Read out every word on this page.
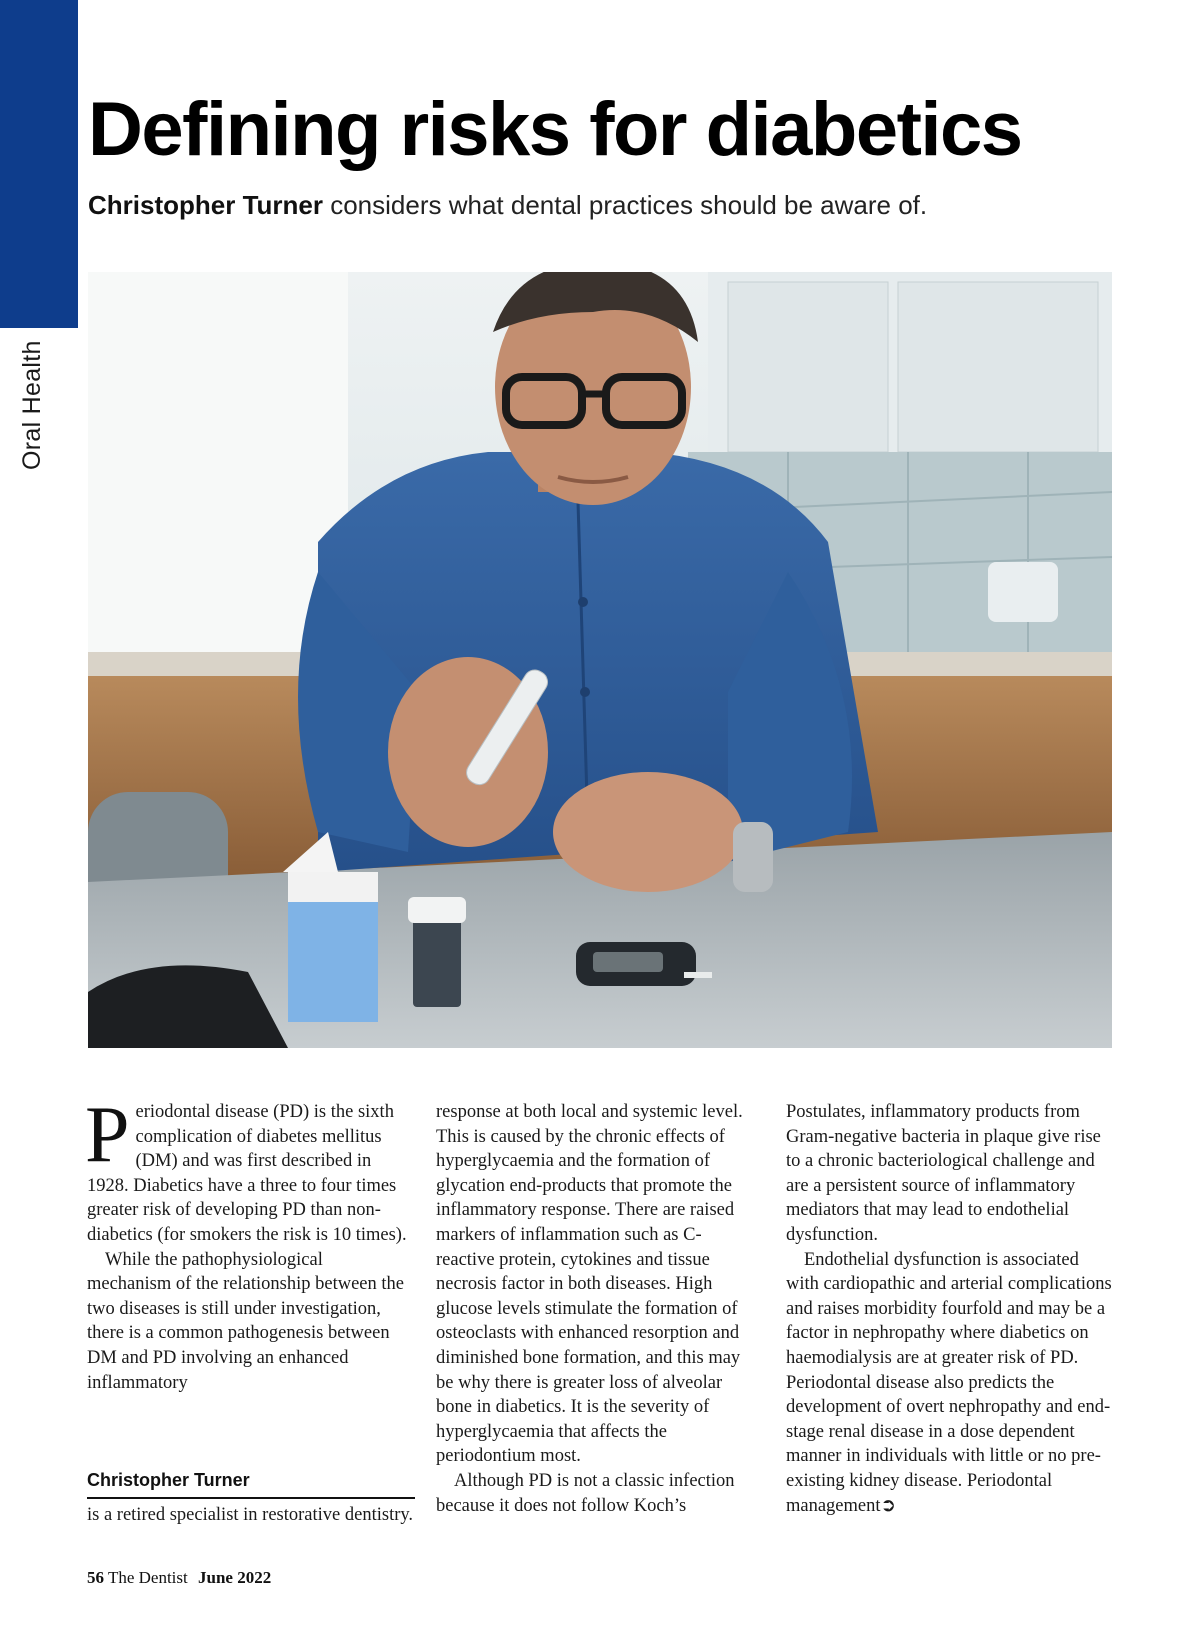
Oral Health
Defining risks for diabetics

Christopher Turner considers what dental practices should be aware of.

Periodontal disease (PD) is the sixth complication of diabetes mellitus (DM) and was first described in 1928. Diabetics have a three to four times greater risk of developing PD than non-diabetics (for smokers the risk is 10 times).

While the pathophysiological mechanism of the relationship between the two diseases is still under investigation, there is a common pathogenesis between DM and PD involving an enhanced inflammatory

response at both local and systemic level. This is caused by the chronic effects of hyperglycaemia and the formation of glycation end-products that promote the inflammatory response. There are raised markers of inflammation such as C-reactive protein, cytokines and tissue necrosis factor in both diseases. High glucose levels stimulate the formation of osteoclasts with enhanced resorption and diminished bone formation, and this may be why there is greater loss of alveolar bone in diabetics. It is the severity of hyperglycaemia that affects the periodontium most.

Although PD is not a classic infection because it does not follow Koch’s

Postulates, inflammatory products from Gram-negative bacteria in plaque give rise to a chronic bacteriological challenge and are a persistent source of inflammatory mediators that may lead to endothelial dysfunction.

Endothelial dysfunction is associated with cardiopathic and arterial complications and raises morbidity fourfold and may be a factor in nephropathy where diabetics on haemodialysis are at greater risk of PD. Periodontal disease also predicts the development of overt nephropathy and end-stage renal disease in a dose dependent manner in individuals with little or no pre-existing kidney disease. Periodontal management➲

Christopher Turner
is a retired specialist in restorative dentistry.
56 The Dentist June 2022
